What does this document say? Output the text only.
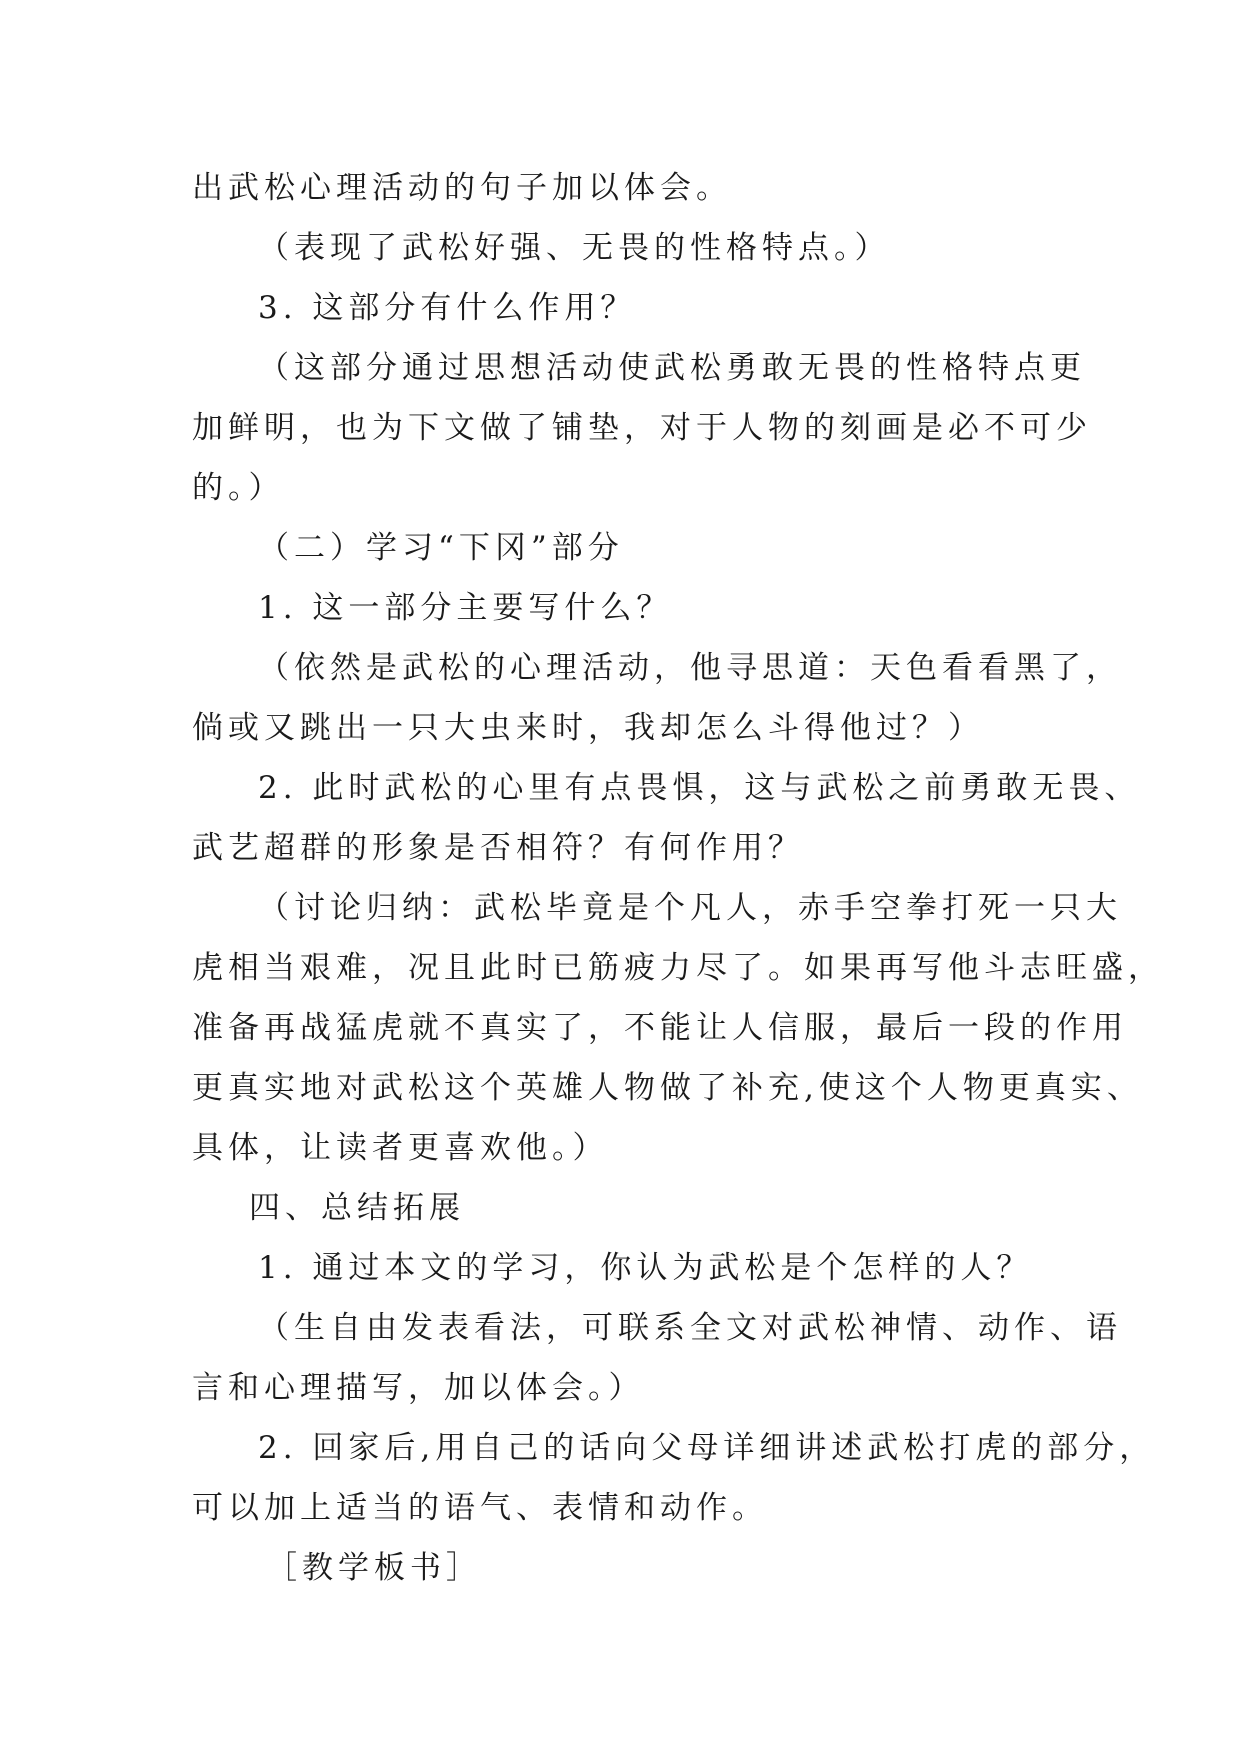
出武松心理活动的句子加以体会。
（表现了武松好强、无畏的性格特点。）
3. 这部分有什么作用？
（这部分通过思想活动使武松勇敢无畏的性格特点更
加鲜明，也为下文做了铺垫，对于人物的刻画是必不可少
的。）
（二）学习“下冈”部分
1. 这一部分主要写什么？
（依然是武松的心理活动，他寻思道：天色看看黑了，
倘或又跳出一只大虫来时，我却怎么斗得他过？）
2. 此时武松的心里有点畏惧，这与武松之前勇敢无畏、
武艺超群的形象是否相符？有何作用？
（讨论归纳：武松毕竟是个凡人，赤手空拳打死一只大
虎相当艰难，况且此时已筋疲力尽了。如果再写他斗志旺盛，
准备再战猛虎就不真实了，不能让人信服，最后一段的作用
更真实地对武松这个英雄人物做了补充,使这个人物更真实、
具体，让读者更喜欢他。）
四、总结拓展
1. 通过本文的学习，你认为武松是个怎样的人？
（生自由发表看法，可联系全文对武松神情、动作、语
言和心理描写，加以体会。）
2. 回家后,用自己的话向父母详细讲述武松打虎的部分，
可以加上适当的语气、表情和动作。
［教学板书］
